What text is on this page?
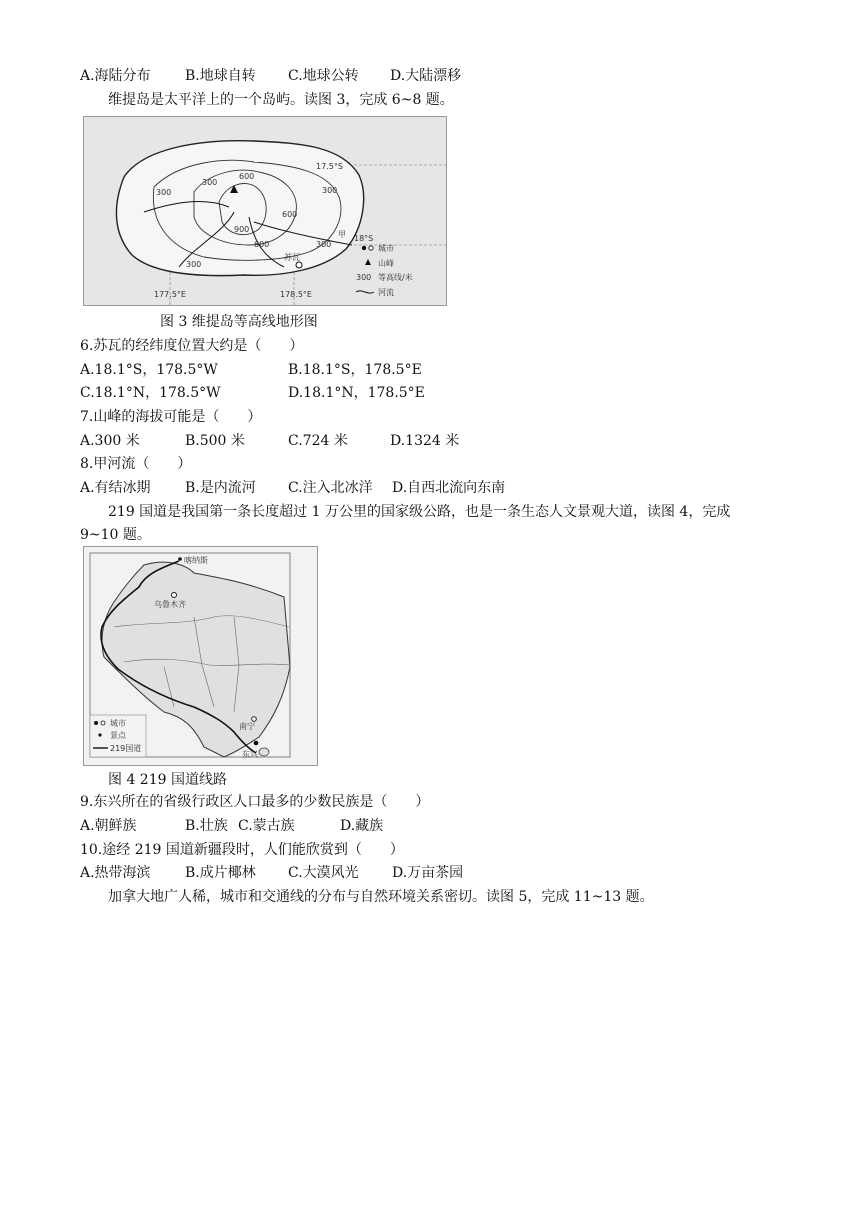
A.海陆分布 B.地球自转 C.地球公转 D.大陆漂移
维提岛是太平洋上的一个岛屿。读图 3，完成 6~8 题。
300
600
900
300	300
600
300
600
300
17.5°S
18°S
177.5°E	178.5°E
甲
苏瓦
城市
山峰
300 等高线/米
河流
图 3 维提岛等高线地形图
6.苏瓦的经纬度位置大约是（　　）
A.18.1°S，178.5°W	B.18.1°S，178.5°E
C.18.1°N，178.5°W	D.18.1°N，178.5°E
7.山峰的海拔可能是（　　）
A.300 米	B.500 米	C.724 米	D.1324 米
8.甲河流（　　）
A.有结冰期 B.是内流河 C.注入北冰洋 D.自西北流向东南
219 国道是我国第一条长度超过 1 万公里的国家级公路，也是一条生态人文景观大道，读图 4，完成
9~10 题。
喀纳斯
乌鲁木齐
南宁
东兴
城市
景点
219国道
图 4 219 国道线路
9.东兴所在的省级行政区人口最多的少数民族是（　　）
A.朝鲜族	B.壮族 C.蒙古族	D.藏族
10.途经 219 国道新疆段时，人们能欣赏到（　　）
A.热带海滨 B.成片椰林 C.大漠风光 D.万亩茶园
加拿大地广人稀，城市和交通线的分布与自然环境关系密切。读图 5，完成 11~13 题。
